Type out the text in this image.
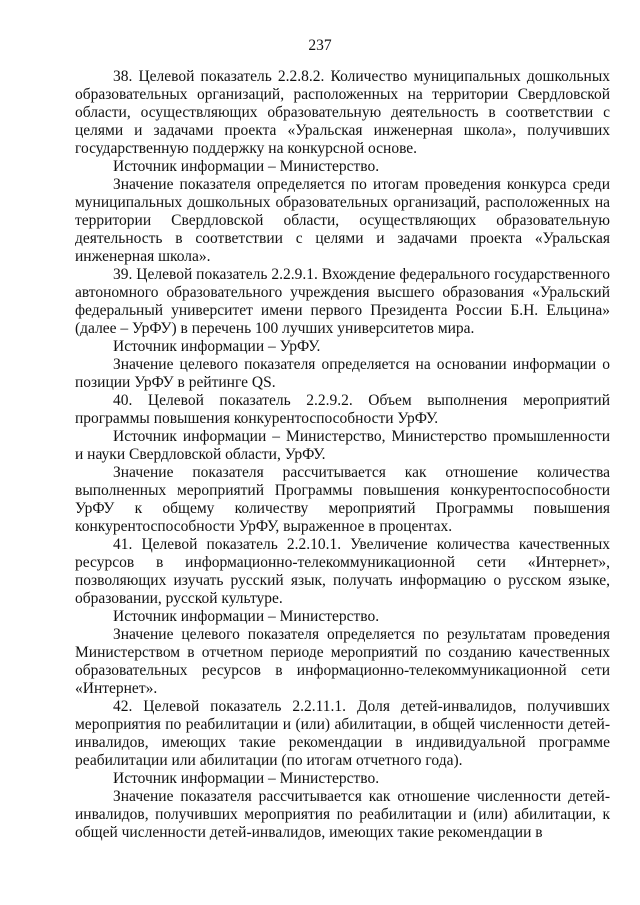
237

38. Целевой показатель 2.2.8.2. Количество муниципальных дошкольных образовательных организаций, расположенных на территории Свердловской области, осуществляющих образовательную деятельность в соответствии с целями и задачами проекта «Уральская инженерная школа», получивших государственную поддержку на конкурсной основе.

Источник информации – Министерство.

Значение показателя определяется по итогам проведения конкурса среди муниципальных дошкольных образовательных организаций, расположенных на территории Свердловской области, осуществляющих образовательную деятельность в соответствии с целями и задачами проекта «Уральская инженерная школа».

39. Целевой показатель 2.2.9.1. Вхождение федерального государственного автономного образовательного учреждения высшего образования «Уральский федеральный университет имени первого Президента России Б.Н. Ельцина» (далее – УрФУ) в перечень 100 лучших университетов мира.

Источник информации – УрФУ.

Значение целевого показателя определяется на основании информации о позиции УрФУ в рейтинге QS.

40. Целевой показатель 2.2.9.2. Объем выполнения мероприятий программы повышения конкурентоспособности УрФУ.

Источник информации – Министерство, Министерство промышленности и науки Свердловской области, УрФУ.

Значение показателя рассчитывается как отношение количества выполненных мероприятий Программы повышения конкурентоспособности УрФУ к общему количеству мероприятий Программы повышения конкурентоспособности УрФУ, выраженное в процентах.

41. Целевой показатель 2.2.10.1. Увеличение количества качественных ресурсов в информационно-телекоммуникационной сети «Интернет», позволяющих изучать русский язык, получать информацию о русском языке, образовании, русской культуре.

Источник информации – Министерство.

Значение целевого показателя определяется по результатам проведения Министерством в отчетном периоде мероприятий по созданию качественных образовательных ресурсов в информационно-телекоммуникационной сети «Интернет».

42. Целевой показатель 2.2.11.1. Доля детей-инвалидов, получивших мероприятия по реабилитации и (или) абилитации, в общей численности детей-инвалидов, имеющих такие рекомендации в индивидуальной программе реабилитации или абилитации (по итогам отчетного года).

Источник информации – Министерство.

Значение показателя рассчитывается как отношение численности детей-инвалидов, получивших мероприятия по реабилитации и (или) абилитации, к общей численности детей-инвалидов, имеющих такие рекомендации в
